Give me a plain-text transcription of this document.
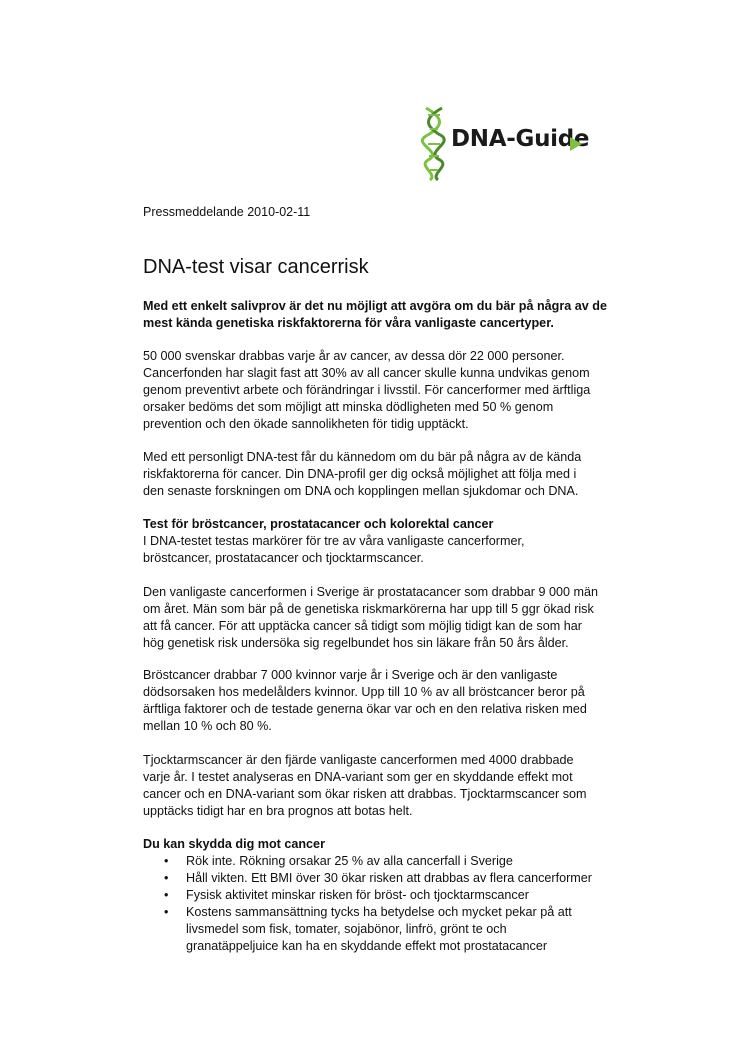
DNA-Guide
Pressmeddelande 2010-02-11
DNA-test visar cancerrisk
Med ett enkelt salivprov är det nu möjligt att avgöra om du bär på några av de
mest kända genetiska riskfaktorerna för våra vanligaste cancertyper.
50 000 svenskar drabbas varje år av cancer, av dessa dör 22 000 personer.
Cancerfonden har slagit fast att 30% av all cancer skulle kunna undvikas genom
genom preventivt arbete och förändringar i livsstil. För cancerformer med ärftliga
orsaker bedöms det som möjligt att minska dödligheten med 50 % genom
prevention och den ökade sannolikheten för tidig upptäckt.
Med ett personligt DNA-test får du kännedom om du bär på några av de kända
riskfaktorerna för cancer. Din DNA-profil ger dig också möjlighet att följa med i
den senaste forskningen om DNA och kopplingen mellan sjukdomar och DNA.
Test för bröstcancer, prostatacancer och kolorektal cancer
I DNA-testet testas markörer för tre av våra vanligaste cancerformer,
bröstcancer, prostatacancer och tjocktarmscancer.
Den vanligaste cancerformen i Sverige är prostatacancer som drabbar 9 000 män
om året. Män som bär på de genetiska riskmarkörerna har upp till 5 ggr ökad risk
att få cancer. För att upptäcka cancer så tidigt som möjlig tidigt kan de som har
hög genetisk risk undersöka sig regelbundet hos sin läkare från 50 års ålder.
Bröstcancer drabbar 7 000 kvinnor varje år i Sverige och är den vanligaste
dödsorsaken hos medelålders kvinnor. Upp till 10 % av all bröstcancer beror på
ärftliga faktorer och de testade generna ökar var och en den relativa risken med
mellan 10 % och 80 %.
Tjocktarmscancer är den fjärde vanligaste cancerformen med 4000 drabbade
varje år. I testet analyseras en DNA-variant som ger en skyddande effekt mot
cancer och en DNA-variant som ökar risken att drabbas. Tjocktarmscancer som
upptäcks tidigt har en bra prognos att botas helt.
Du kan skydda dig mot cancer
• Rök inte. Rökning orsakar 25 % av alla cancerfall i Sverige
• Håll vikten. Ett BMI över 30 ökar risken att drabbas av flera cancerformer
• Fysisk aktivitet minskar risken för bröst- och tjocktarmscancer
• Kostens sammansättning tycks ha betydelse och mycket pekar på att
livsmedel som fisk, tomater, sojabönor, linfrö, grönt te och
granatäppeljuice kan ha en skyddande effekt mot prostatacancer
